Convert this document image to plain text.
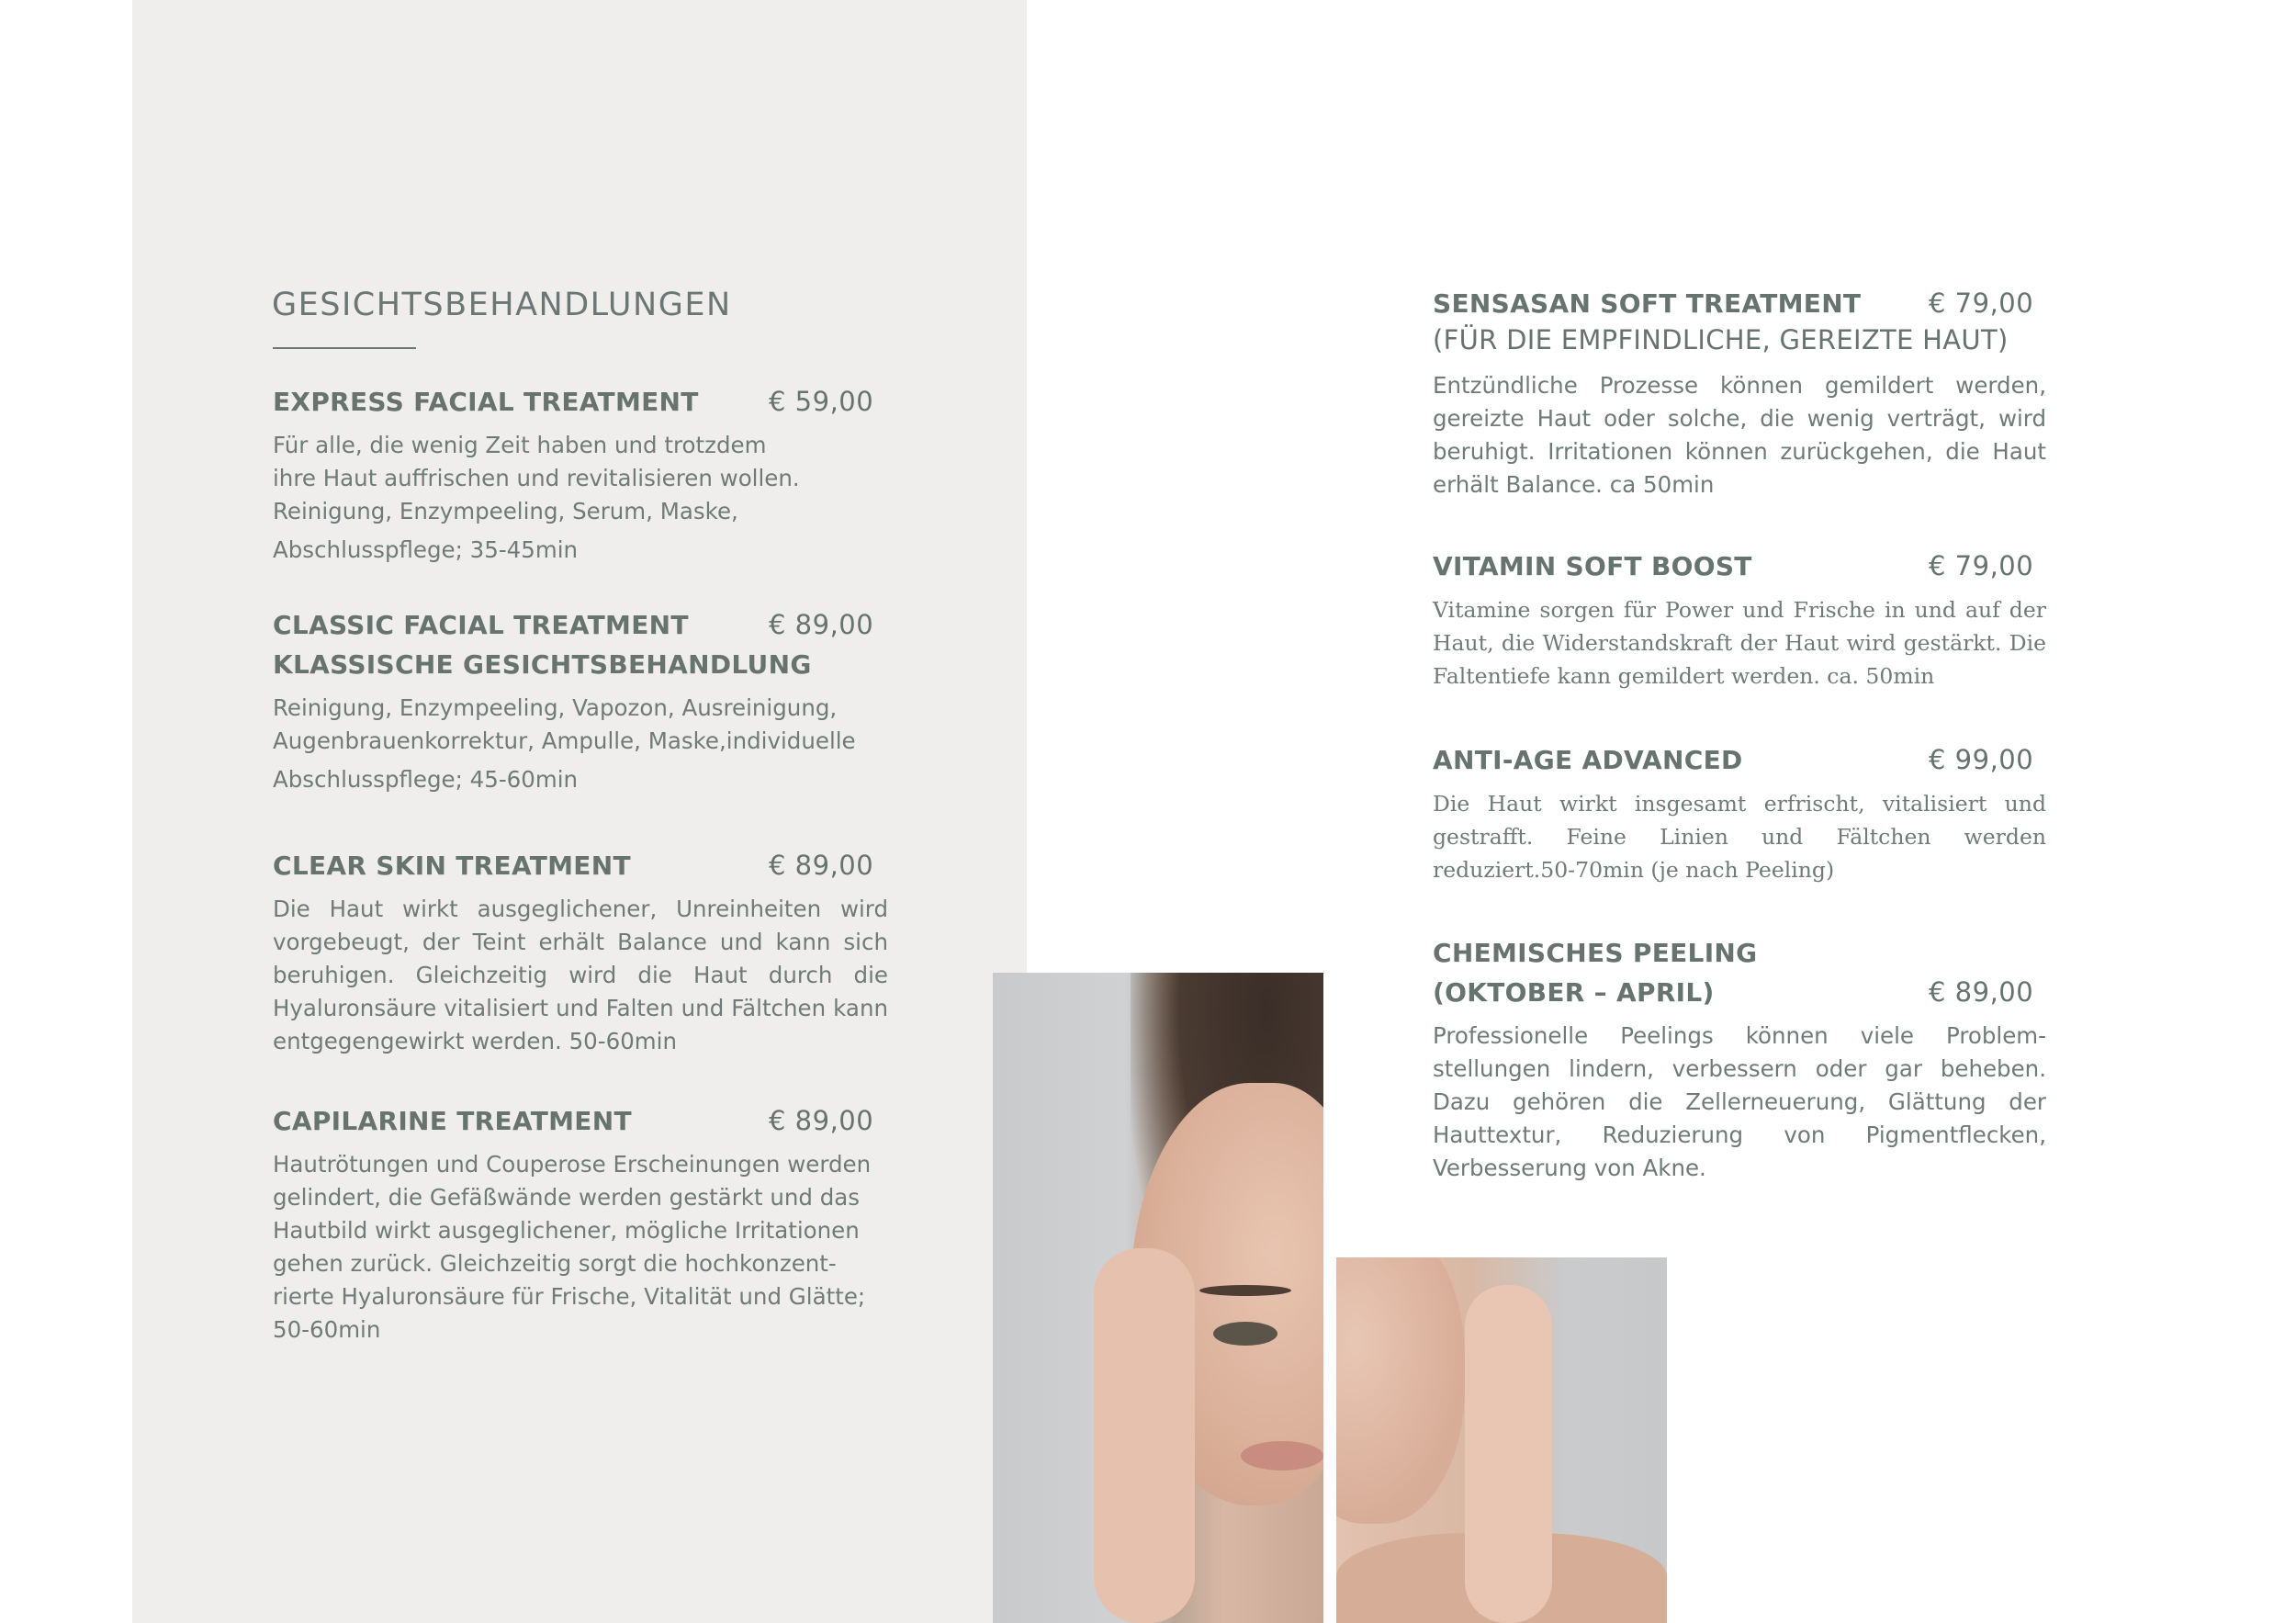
GESICHTSBEHANDLUNGEN
EXPRESS FACIAL TREATMENT	€ 59,00
Für alle, die wenig Zeit haben und trotzdem
ihre Haut auffrischen und revitalisieren wollen.
Reinigung, Enzympeeling, Serum, Maske,
Abschlusspflege; 35-45min
CLASSIC FACIAL TREATMENT	€ 89,00
KLASSISCHE GESICHTSBEHANDLUNG
Reinigung, Enzympeeling, Vapozon, Ausreinigung,
Augenbrauenkorrektur, Ampulle, Maske,individuelle
Abschlusspflege; 45-60min
CLEAR SKIN TREATMENT	€ 89,00
Die Haut wirkt ausgeglichener, Unreinheiten wird vorgebeugt, der Teint erhält Balance und kann sich beruhigen. Gleichzeitig wird die Haut durch die Hyaluronsäure vitalisiert und Falten und Fältchen kann entgegengewirkt werden. 50-60min
CAPILARINE TREATMENT	€ 89,00
Hautrötungen und Couperose Erscheinungen werden
gelindert, die Gefäßwände werden gestärkt und das
Hautbild wirkt ausgeglichener, mögliche Irritationen
gehen zurück. Gleichzeitig sorgt die hochkonzent-
rierte Hyaluronsäure für Frische, Vitalität und Glätte;
50-60min
SENSASAN SOFT TREATMENT	€ 79,00
(FÜR DIE EMPFINDLICHE, GEREIZTE HAUT)
Entzündliche Prozesse können gemildert werden, gereizte Haut oder solche, die wenig verträgt, wird beruhigt. Irritationen können zurückgehen, die Haut erhält Balance. ca 50min
VITAMIN SOFT BOOST	€ 79,00
Vitamine sorgen für Power und Frische in und auf der Haut, die Widerstandskraft der Haut wird gestärkt. Die Faltentiefe kann gemildert werden. ca. 50min
ANTI-AGE ADVANCED	€ 99,00
Die Haut wirkt insgesamt erfrischt, vitalisiert und gestrafft. Feine Linien und Fältchen werden reduziert.50-70min (je nach Peeling)
CHEMISCHES PEELING
(OKTOBER – APRIL)	€ 89,00
Professionelle Peelings können viele Problem-stellungen lindern, verbessern oder gar beheben. Dazu gehören die Zellerneuerung, Glättung der Hauttextur, Reduzierung von Pigmentflecken, Verbesserung von Akne.
